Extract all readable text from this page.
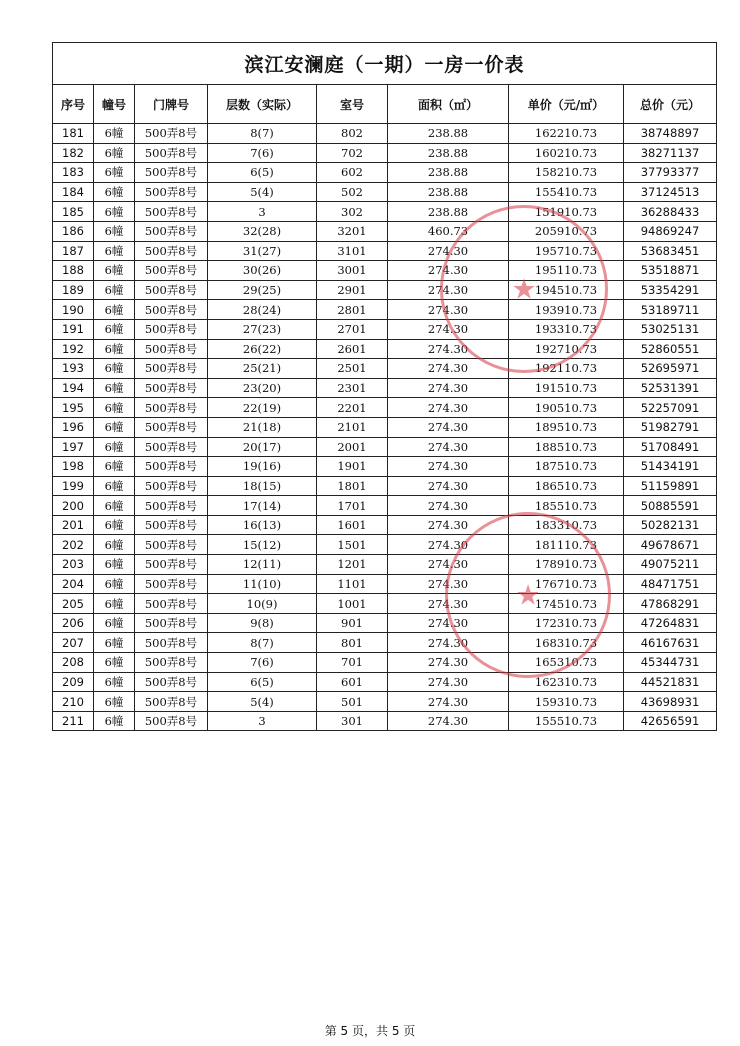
滨江安澜庭（一期）一房一价表							
序号	幢号	门牌号	层数（实际）	室号	面积（㎡）	单价（元/㎡）	总价（元）
181	6幢	500弄8号	8(7)	802	238.88	162210.73	38748897
182	6幢	500弄8号	7(6)	702	238.88	160210.73	38271137
183	6幢	500弄8号	6(5)	602	238.88	158210.73	37793377
184	6幢	500弄8号	5(4)	502	238.88	155410.73	37124513
185	6幢	500弄8号	3	302	238.88	151910.73	36288433
186	6幢	500弄8号	32(28)	3201	460.73	205910.73	94869247
187	6幢	500弄8号	31(27)	3101	274.30	195710.73	53683451
188	6幢	500弄8号	30(26)	3001	274.30	195110.73	53518871
189	6幢	500弄8号	29(25)	2901	274.30	194510.73	53354291
190	6幢	500弄8号	28(24)	2801	274.30	193910.73	53189711
191	6幢	500弄8号	27(23)	2701	274.30	193310.73	53025131
192	6幢	500弄8号	26(22)	2601	274.30	192710.73	52860551
193	6幢	500弄8号	25(21)	2501	274.30	192110.73	52695971
194	6幢	500弄8号	23(20)	2301	274.30	191510.73	52531391
195	6幢	500弄8号	22(19)	2201	274.30	190510.73	52257091
196	6幢	500弄8号	21(18)	2101	274.30	189510.73	51982791
197	6幢	500弄8号	20(17)	2001	274.30	188510.73	51708491
198	6幢	500弄8号	19(16)	1901	274.30	187510.73	51434191
199	6幢	500弄8号	18(15)	1801	274.30	186510.73	51159891
200	6幢	500弄8号	17(14)	1701	274.30	185510.73	50885591
201	6幢	500弄8号	16(13)	1601	274.30	183310.73	50282131
202	6幢	500弄8号	15(12)	1501	274.30	181110.73	49678671
203	6幢	500弄8号	12(11)	1201	274.30	178910.73	49075211
204	6幢	500弄8号	11(10)	1101	274.30	176710.73	48471751
205	6幢	500弄8号	10(9)	1001	274.30	174510.73	47868291
206	6幢	500弄8号	9(8)	901	274.30	172310.73	47264831
207	6幢	500弄8号	8(7)	801	274.30	168310.73	46167631
208	6幢	500弄8号	7(6)	701	274.30	165310.73	45344731
209	6幢	500弄8号	6(5)	601	274.30	162310.73	44521831
210	6幢	500弄8号	5(4)	501	274.30	159310.73	43698931
211	6幢	500弄8号	3	301	274.30	155510.73	42656591
★
★
第 5 页，共 5 页
